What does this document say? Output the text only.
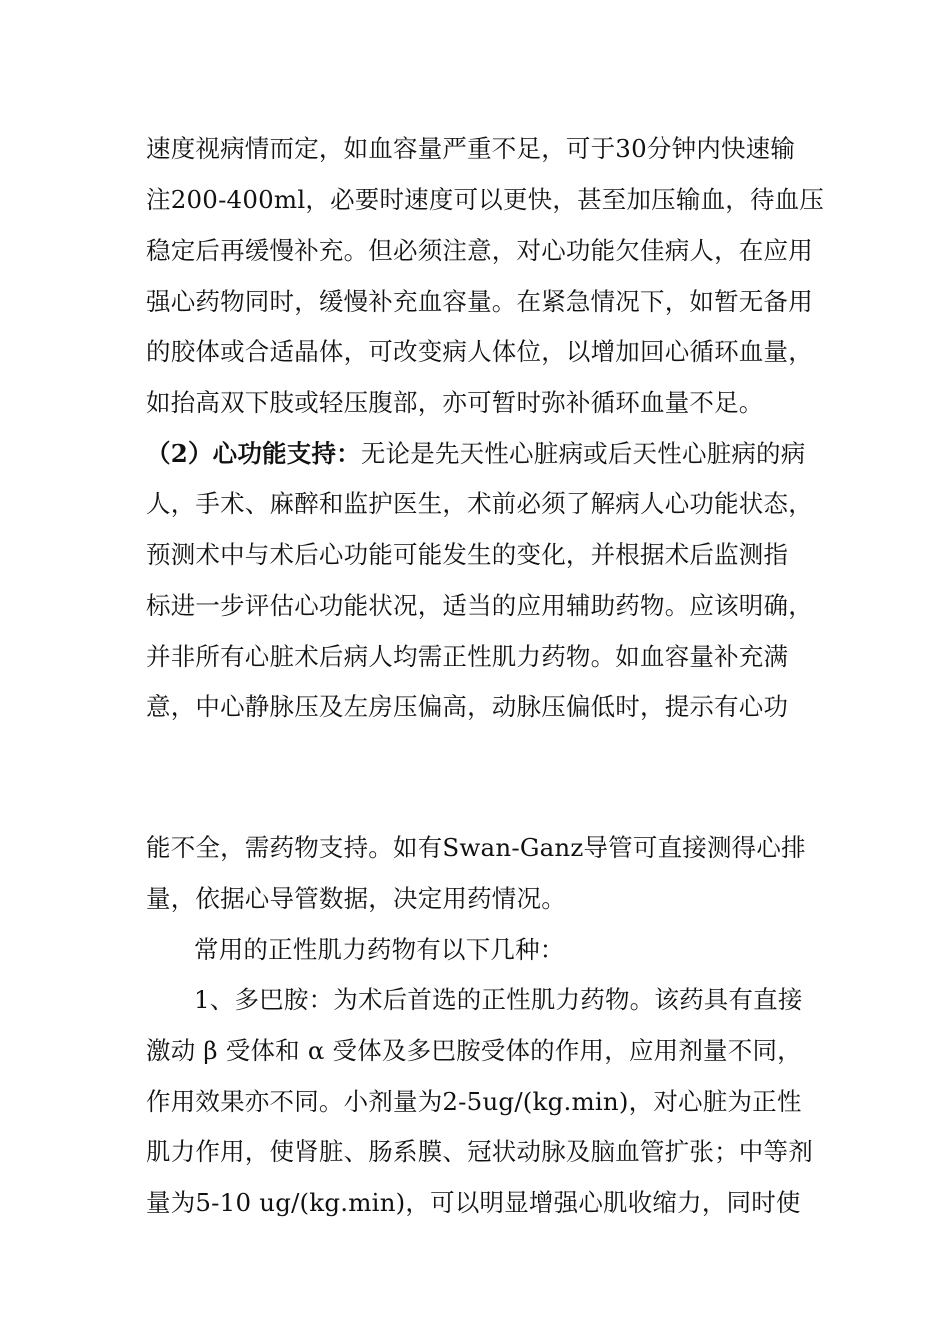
速度视病情而定，如血容量严重不足，可于30分钟内快速输
注200-400ml，必要时速度可以更快，甚至加压输血，待血压
稳定后再缓慢补充。但必须注意，对心功能欠佳病人，在应用
强心药物同时，缓慢补充血容量。在紧急情况下，如暂无备用
的胶体或合适晶体，可改变病人体位，以增加回心循环血量，
如抬高双下肢或轻压腹部，亦可暂时弥补循环血量不足。
（2）心功能支持：无论是先天性心脏病或后天性心脏病的病
人，手术、麻醉和监护医生，术前必须了解病人心功能状态，
预测术中与术后心功能可能发生的变化，并根据术后监测指
标进一步评估心功能状况，适当的应用辅助药物。应该明确，
并非所有心脏术后病人均需正性肌力药物。如血容量补充满
意，中心静脉压及左房压偏高，动脉压偏低时，提示有心功
能不全，需药物支持。如有Swan-Ganz导管可直接测得心排
量，依据心导管数据，决定用药情况。
常用的正性肌力药物有以下几种：
1、多巴胺：为术后首选的正性肌力药物。该药具有直接
激动 β 受体和 α 受体及多巴胺受体的作用，应用剂量不同，
作用效果亦不同。小剂量为2-5ug/(kg.min)，对心脏为正性
肌力作用，使肾脏、肠系膜、冠状动脉及脑血管扩张；中等剂
量为5-10 ug/(kg.min)，可以明显增强心肌收缩力，同时使
